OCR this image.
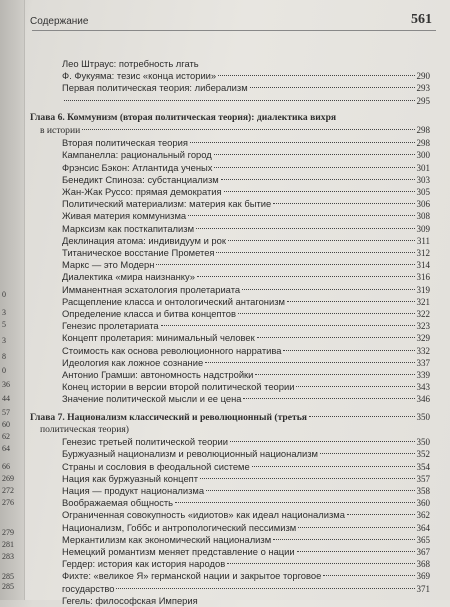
0
3
5
3
8
0
36
44
57
60
62
64
66
269
272
276
279
281
283
285
285
Содержание	561
Лео Штраус: потребность лгать
Ф. Фукуяма: тезис «конца истории»	290
Первая политическая теория: либерализм	293
295
Глава 6. Коммунизм (вторая политическая теория): диалектика вихря
в истории	298
Вторая политическая теория	298
Кампанелла: рациональный город	300
Фрэнсис Бэкон: Атлантида ученых	301
Бенедикт Спиноза: субстанциализм	303
Жан-Жак Руссо: прямая демократия	305
Политический материализм: материя как бытие	306
Живая материя коммунизма	308
Марксизм как посткапитализм	309
Деклинация атома: индивидуум и рок	311
Титаническое восстание Прометея	312
Маркс — это Модерн	314
Диалектика «мира наизнанку»	316
Имманентная эсхатология пролетариата	319
Расщепление класса и онтологический антагонизм	321
Определение класса и битва концептов	322
Генезис пролетариата	323
Концепт пролетария: минимальный человек	329
Стоимость как основа революционного нарратива	332
Идеология как ложное сознание	337
Антонио Грамши: автономность надстройки	339
Конец истории в версии второй политической теории	343
Значение политической мысли и ее цена	346
Глава 7. Национализм классический и революционный (третья	350
политическая теория)
Генезис третьей политической теории	350
Буржуазный национализм и революционный национализм	352
Страны и сословия в феодальной системе	354
Нация как буржуазный концепт	357
Нация — продукт национализма	358
Воображаемая общность	360
Ограниченная совокупность «идиотов» как идеал национализма	362
Национализм, Гоббс и антропологический пессимизм	364
Меркантилизм как экономический национализм	365
Немецкий романтизм меняет представление о нации	367
Гердер: история как история народов	368
Фихте: «великое Я» германской нации и закрытое торговое	369
государство	371
Гегель: философская Империя
